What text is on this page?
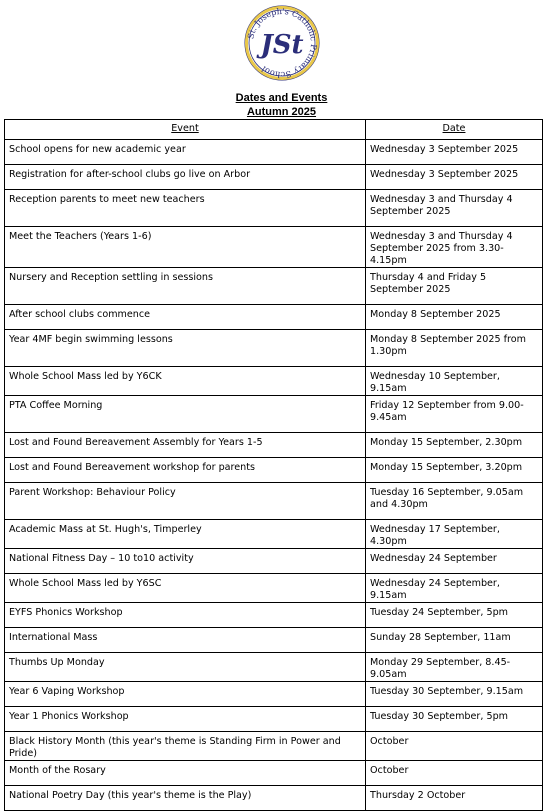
St. Joseph's Catholic Primary School
JSt
Dates and Events
Autumn 2025
Event	Date
School opens for new academic year	Wednesday 3 September 2025
Registration for after-school clubs go live on Arbor	Wednesday 3 September 2025
Reception parents to meet new teachers	Wednesday 3 and Thursday 4 September 2025
Meet the Teachers (Years 1-6)	Wednesday 3 and Thursday 4 September 2025 from 3.30-4.15pm
Nursery and Reception settling in sessions	Thursday 4 and Friday 5 September 2025
After school clubs commence	Monday 8 September 2025
Year 4MF begin swimming lessons	Monday 8 September 2025 from 1.30pm
Whole School Mass led by Y6CK	Wednesday 10 September, 9.15am
PTA Coffee Morning	Friday 12 September from 9.00-9.45am
Lost and Found Bereavement Assembly for Years 1-5	Monday 15 September, 2.30pm
Lost and Found Bereavement workshop for parents	Monday 15 September, 3.20pm
Parent Workshop: Behaviour Policy	Tuesday 16 September, 9.05am and 4.30pm
Academic Mass at St. Hugh's, Timperley	Wednesday 17 September, 4.30pm
National Fitness Day – 10 to10 activity	Wednesday 24 September
Whole School Mass led by Y6SC	Wednesday 24 September, 9.15am
EYFS Phonics Workshop	Tuesday 24 September, 5pm
International Mass	Sunday 28 September, 11am
Thumbs Up Monday	Monday 29 September, 8.45-9.05am
Year 6 Vaping Workshop	Tuesday 30 September, 9.15am
Year 1 Phonics Workshop	Tuesday 30 September, 5pm
Black History Month (this year's theme is Standing Firm in Power and Pride)	October
Month of the Rosary	October
National Poetry Day (this year's theme is the Play)	Thursday 2 October
